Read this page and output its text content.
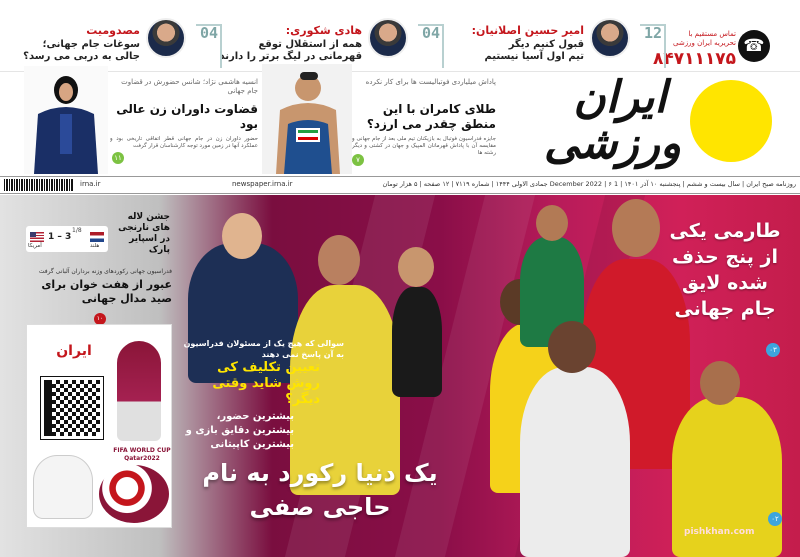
☎
تماس مستقیم با تحریریه ایران ورزشی
۸۴۷۱۱۱۷۵
12
امیر حسین اصلانیان:
قبول کنیم دیگر
تیم اول آسیا نیستیم
04
هادی شکوری:
همه از استقلال توقع
قهرمانی در لیگ برتر را دارند
04
مصدومیت
سوغات جام جهانی؛
جالی به دربی می رسد؟
ایران
ورزشی
پاداش میلیاردی فوتبالیست ها برای کار نکرده
طلای کامران با این منطق چقدر می ارزد؟
جایزه فدراسیون فوتبال به بازیکنان تیم ملی بعد از جام جهانی و مقایسه آن با پاداش قهرمانان المپیک و جهان در کشتی و دیگر رشته ها
۷
انسیه هاشمی نژاد؛ شانس حضورش در قضاوت جام جهانی
قضاوت داوران زن عالی بود
حضور داوران زن در جام جهانی قطر اتفاقی تاریخی بود و عملکرد آنها در زمین مورد توجه کارشناسان قرار گرفت
۱۱
روزنامه صبح ایران | سال بیست و ششم | پنجشنبه ۱۰ آذر ۱۴۰۱ | 1 December 2022 | ۶ جمادی الاولی ۱۴۴۴ | شماره ۷۱۱۹ | ۱۲ صفحه | ۵ هزار تومان
newspaper.irna.ir
irna.ir
طارمی یکی از پنج حذف شده لایق جام جهانی
۰۳
سوالی که هیچ یک از مسئولان فدراسیون به آن پاسخ نمی دهند
تعیین تکلیف کی روش شاید وقتی دیگر؟
بیشترین حضور، بیشترین دقایق بازی و بیشترین کاپیتانی
یک دنیا رکورد به نام حاجی صفی	۰۲
1 – 3
1/8
آمریکا	هلند
جشن لاله های نارنجی در اسپایر پارک
فدراسیون جهانی رکوردهای وزنه برداران آلبانی گرفت
عبور از هفت خوان برای صید مدال جهانی
۱۰
ایران
FIFA WORLD CUP Qatar2022
pishkhan.com
